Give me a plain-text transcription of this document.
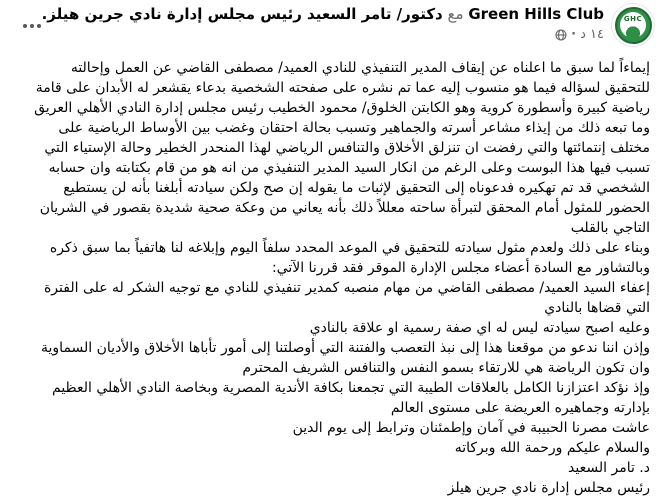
GHC
Green Hills Club مع دكتور/ تامر السعيد رئيس مجلس إدارة نادي جرين هيلز.
١٤ د
·
إيماءاً لما سبق ما اعلناه عن إيقاف المدير التنفيذي للنادي العميد/ مصطفى القاضي عن العمل وإحالته
للتحقيق لسؤاله فيما هو منسوب إليه عما تم نشره على صفحته الشخصية بدعاء يقشعر له الأبدان على قامة
رياضية كبيرة وأسطورة كروية وهو الكابتن الخلوق/ محمود الخطيب رئيس مجلس إدارة النادي الأهلي العريق
وما تبعه ذلك من إيذاء مشاعر أسرته والجماهير وتسبب بحالة احتقان وغضب بين الأوساط الرياضية على
مختلف إنتمائتها والتي رفضت ان تنزلق الأخلاق والتنافس الرياضي لهذا المنحدر الخطير وحالة الإستياء التي
تسبب فيها هذا البوست وعلى الرغم من انكار السيد المدير التنفيذي من انه هو من قام بكتابته وان حسابه
الشخصي قد تم تهكيره فدعوناه إلى التحقيق لإثبات ما يقوله إن صح ولكن سيادته أبلغنا بأنه لن يستطيع
الحضور للمثول أمام المحقق لتبرأة ساحته معللاً ذلك بأنه يعاني من وعكة صحية شديدة بقصور في الشريان
التاجي بالقلب
وبناء على ذلك ولعدم مثول سيادته للتحقيق في الموعد المحدد سلفاً اليوم وإبلاغه لنا هاتفياً بما سبق ذكره
وبالتشاور مع السادة أعضاء مجلس الإدارة الموقر فقد قررنا الآتي:
إعفاء السيد العميد/ مصطفى القاضي من مهام منصبه كمدير تنفيذي للنادي مع توجيه الشكر له على الفترة
التي قضاها بالنادي
وعليه اصبح سيادته ليس له اي صفة رسمية او علاقة بالنادي
وإذن اننا ندعو من موقعنا هذا إلى نبذ التعصب والفتنة التي أوصلتنا إلى أمور تأباها الأخلاق والأديان السماوية
وان تكون الرياضة هي للارتقاء بسمو النفس والتنافس الشريف المحترم
وإذ نؤكد اعتزازنا الكامل بالعلاقات الطيبة التي تجمعنا بكافة الأندية المصرية وبخاصة النادي الأهلي العظيم
بإدارته وجماهيره العريضة على مستوى العالم
عاشت مصرنا الحبيبة في آمان وإطمئنان وترابط إلى يوم الدين
والسلام عليكم ورحمة الله وبركاته
د. تامر السعيد
رئيس مجلس إدارة نادي جرين هيلز
